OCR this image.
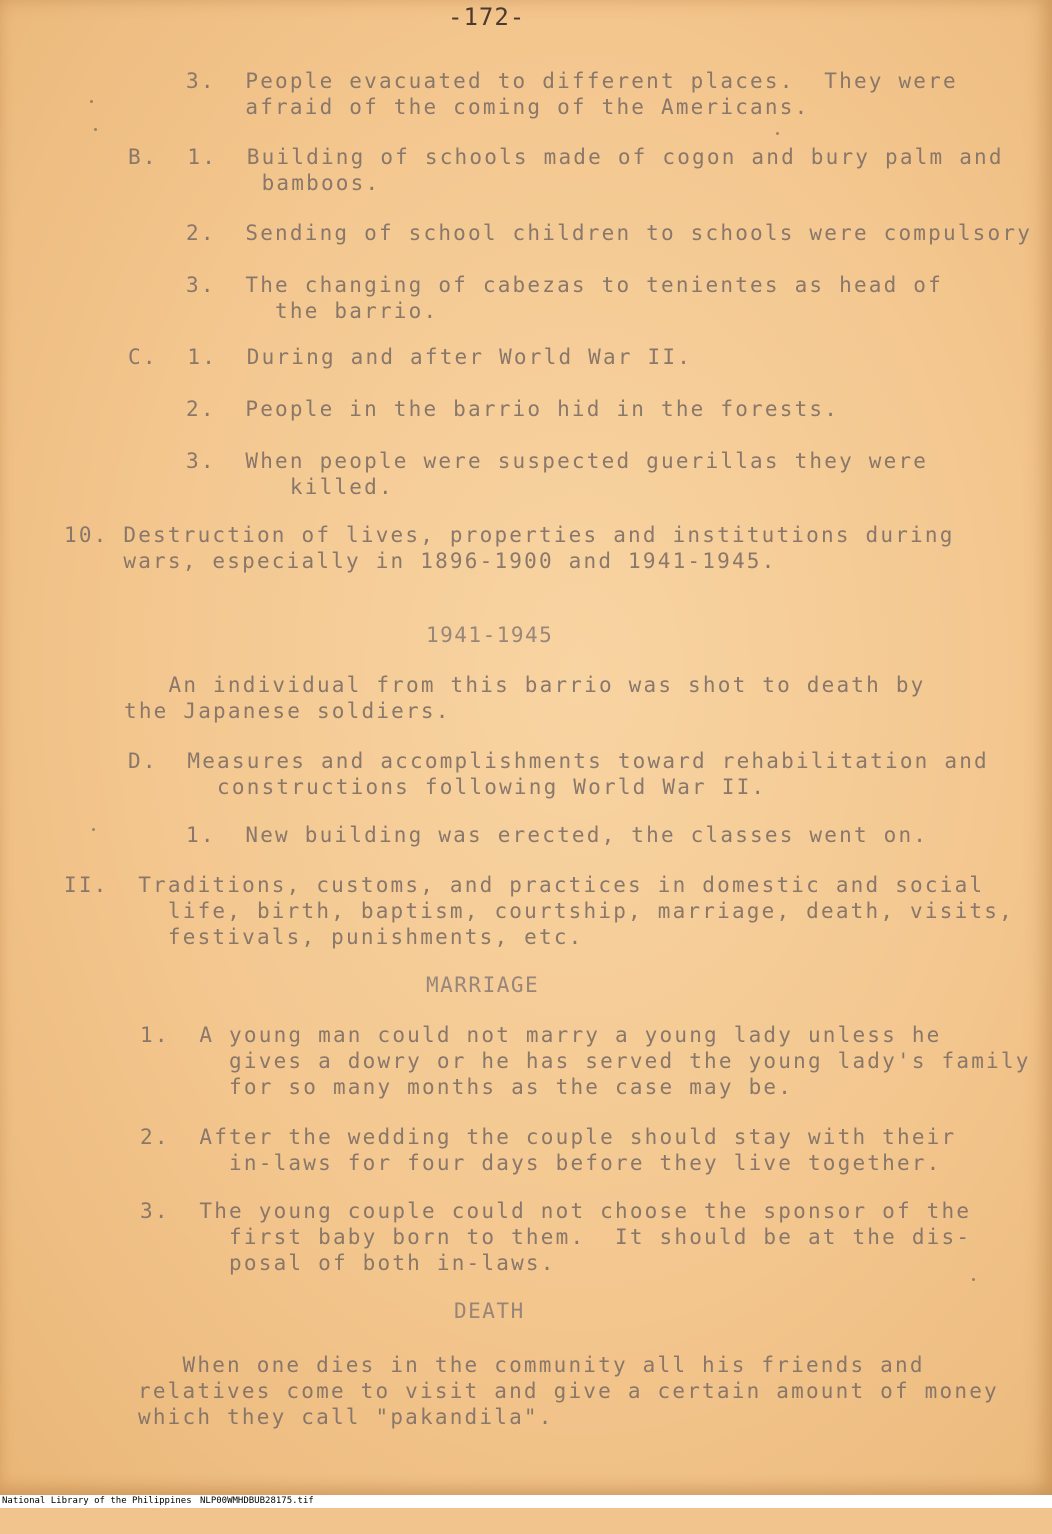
-172-
3.  People evacuated to different places.  They were
afraid of the coming of the Americans.
B.  1.  Building of schools made of cogon and bury palm and
bamboos.
2.  Sending of school children to schools were compulsory
3.  The changing of cabezas to tenientes as head of
the barrio.
C.  1.  During and after World War II.
2.  People in the barrio hid in the forests.
3.  When people were suspected guerillas they were
killed.
10. Destruction of lives, properties and institutions during
wars, especially in 1896-1900 and 1941-1945.
1941-1945
An individual from this barrio was shot to death by
the Japanese soldiers.
D.  Measures and accomplishments toward rehabilitation and
constructions following World War II.
1.  New building was erected, the classes went on.
II.  Traditions, customs, and practices in domestic and social
life, birth, baptism, courtship, marriage, death, visits,
festivals, punishments, etc.
MARRIAGE
1.  A young man could not marry a young lady unless he
gives a dowry or he has served the young lady's family
for so many months as the case may be.
2.  After the wedding the couple should stay with their
in-laws for four days before they live together.
3.  The young couple could not choose the sponsor of the
first baby born to them.  It should be at the dis-
posal of both in-laws.
DEATH
When one dies in the community all his friends and
relatives come to visit and give a certain amount of money
which they call "pakandila".

National Library of the Philippines

NLP00WMHDBUB28175.tif
